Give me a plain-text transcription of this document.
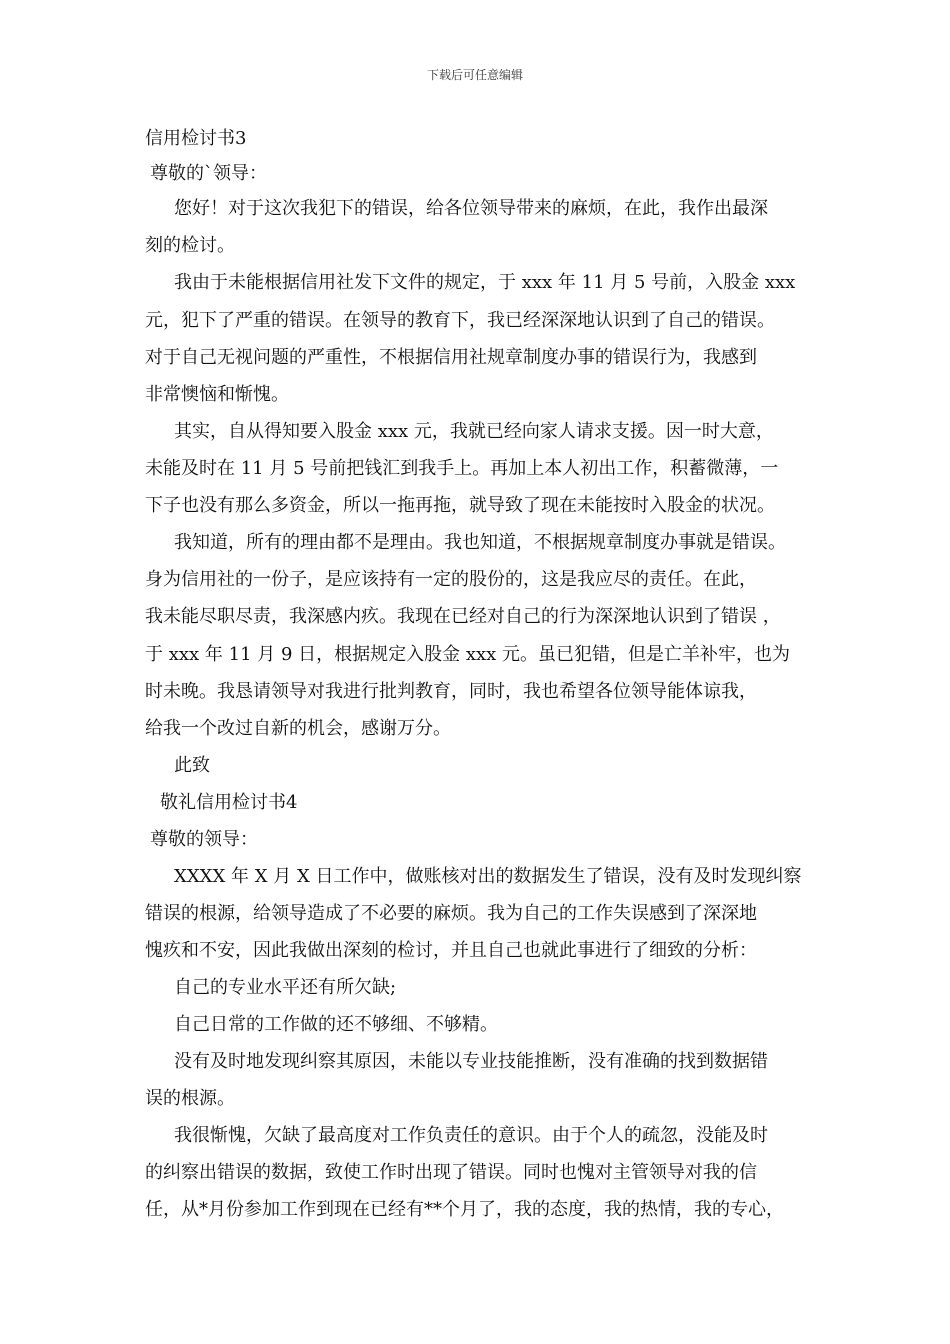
下载后可任意编辑
信用检讨书3
尊敬的`领导：
您好！对于这次我犯下的错误，给各位领导带来的麻烦，在此，我作出最深
刻的检讨。
我由于未能根据信用社发下文件的规定，于 xxx 年 11 月 5 号前，入股金 xxx
元，犯下了严重的错误。在领导的教育下，我已经深深地认识到了自己的错误。
对于自己无视问题的严重性，不根据信用社规章制度办事的错误行为，我感到
非常懊恼和惭愧。
其实，自从得知要入股金 xxx 元，我就已经向家人请求支援。因一时大意，
未能及时在 11 月 5 号前把钱汇到我手上。再加上本人初出工作，积蓄微薄，一
下子也没有那么多资金，所以一拖再拖，就导致了现在未能按时入股金的状况。
我知道，所有的理由都不是理由。我也知道，不根据规章制度办事就是错误。
身为信用社的一份子，是应该持有一定的股份的，这是我应尽的责任。在此，
我未能尽职尽责，我深感内疚。我现在已经对自己的行为深深地认识到了错误 ，
于 xxx 年 11 月 9 日，根据规定入股金 xxx 元。虽已犯错，但是亡羊补牢，也为
时未晚。我恳请领导对我进行批判教育，同时，我也希望各位领导能体谅我，
给我一个改过自新的机会，感谢万分。
此致
敬礼信用检讨书4
尊敬的领导：
XXXX 年 X 月 X 日工作中，做账核对出的数据发生了错误，没有及时发现纠察
错误的根源，给领导造成了不必要的麻烦。我为自己的工作失误感到了深深地
愧疚和不安，因此我做出深刻的检讨，并且自己也就此事进行了细致的分析：
自己的专业水平还有所欠缺;
自己日常的工作做的还不够细、不够精。
没有及时地发现纠察其原因，未能以专业技能推断，没有准确的找到数据错
误的根源。
我很惭愧，欠缺了最高度对工作负责任的意识。由于个人的疏忽，没能及时
的纠察出错误的数据，致使工作时出现了错误。同时也愧对主管领导对我的信
任，从*月份参加工作到现在已经有**个月了，我的态度，我的热情，我的专心，
